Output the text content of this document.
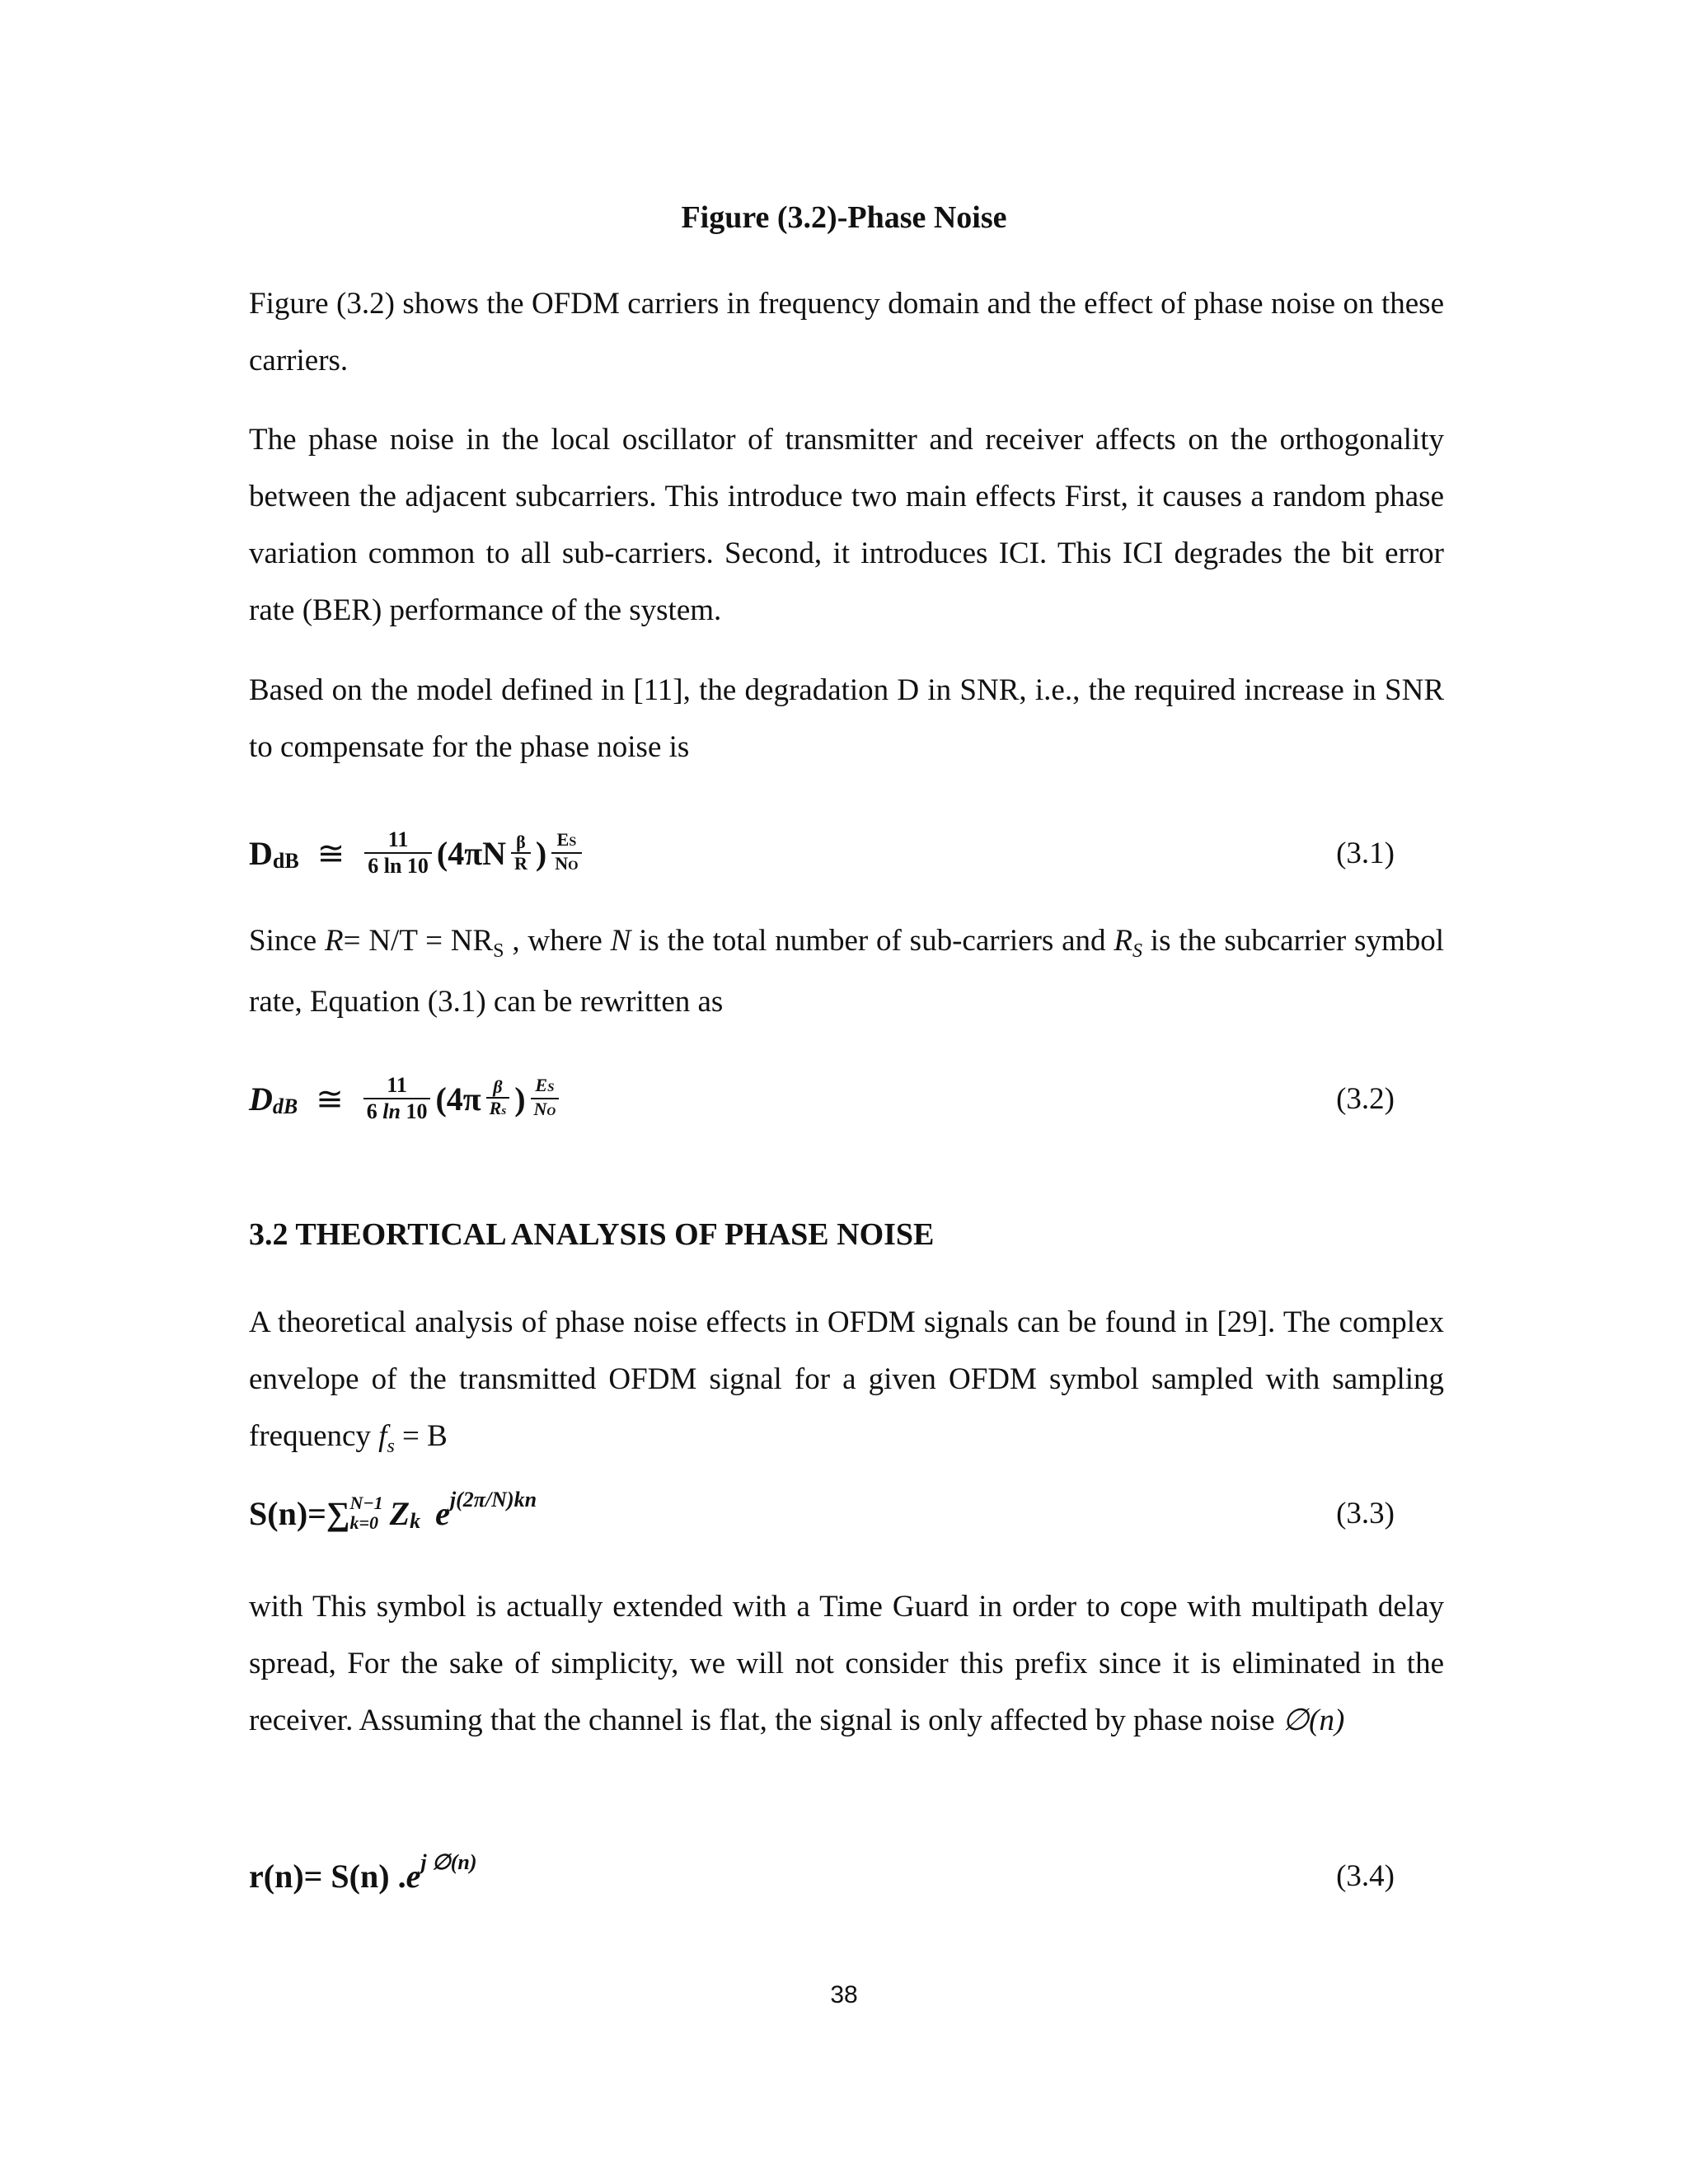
Figure (3.2)-Phase Noise

Figure (3.2) shows the OFDM carriers in frequency domain and the effect of phase noise on these carriers.

The phase noise in the local oscillator of transmitter and receiver affects on the orthogonality between the adjacent subcarriers. This introduce two main effects First, it causes a random phase variation common to all sub-carriers. Second, it introduces ICI. This ICI degrades the bit error rate (BER) performance of the system.

Based on the model defined in [11], the degradation D in SNR, i.e., the required increase in SNR to compensate for the phase noise is

D dB ≅ $\frac{11}{6 \ln 10} (4\pi N \frac{\beta}{R}$ ) $\frac{ES}{NO}$	(3.1)

Since $R= N/T = NR_S$ , where N is the total number of sub-carriers and $R_S$ is the subcarrier symbol rate, Equation (3.1) can be rewritten as

D dB ≅ $\frac{11}{6 \ln 10} (4\pi \frac{\beta}{Rs}$ ) $\frac{ES}{NO}$	(3.2)
3.2 THEORTICAL ANALYSIS OF PHASE NOISE

A theoretical analysis of phase noise effects in OFDM signals can be found in [29]. The complex envelope of the transmitted OFDM signal for a given OFDM symbol sampled with sampling frequency $f_s = B$

S(n)=∑ N−1
k=0 Z k e j(2π/N)kn	(3.3)

with This symbol is actually extended with a Time Guard in order to cope with multipath delay spread, For the sake of simplicity, we will not consider this prefix since it is eliminated in the receiver. Assuming that the channel is flat, the signal is only affected by phase noise ∅(n)

r(n)= S(n) . e j ∅(n)	(3.4)
38
